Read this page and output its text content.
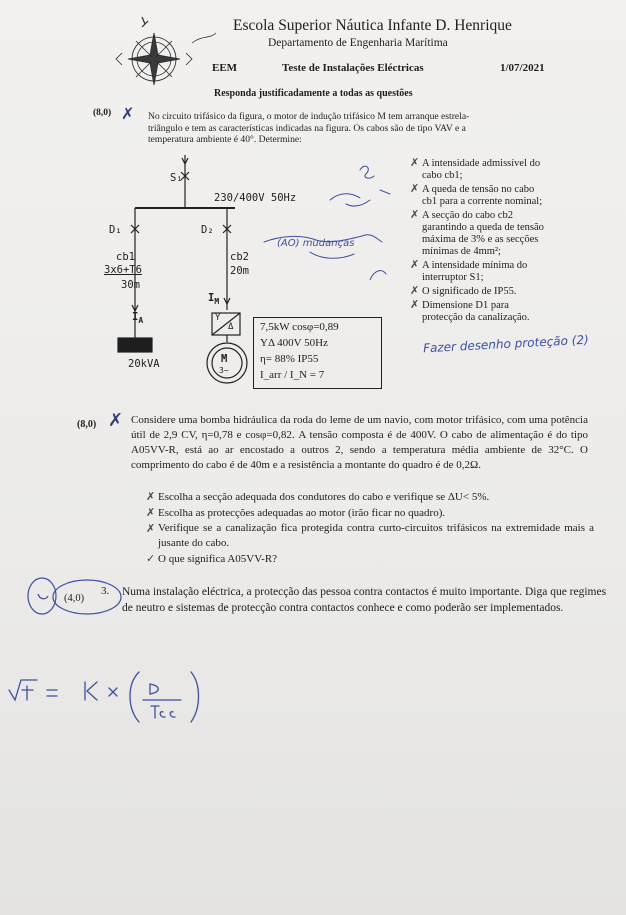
Escola Superior Náutica Infante D. Henrique
Departamento de Engenharia Marítima
EEM	Teste de Instalações Eléctricas	1/07/2021
Responda justificadamente a todas as questões
(8,0) ✗ No circuito trifásico da figura, o motor de indução trifásico M tem arranque estrela-
triângulo e tem as características indicadas na figura. Os cabos são de tipo VAV e a
temperatura ambiente é 40°. Determine:
✗ A intensidade admissível do
cabo cb1;
✗ A queda de tensão no cabo
cb1 para a corrente nominal;
✗ A secção do cabo cb2
garantindo a queda de tensão
máxima de 3% e as secções
mínimas de 4mm²;
✗ A intensidade mínima do
interruptor S1;
✗ O significado de IP55.
✗ Dimensione D1 para
protecção da canalização.
S₁
230/400V 50Hz
D₁	D₂
cb1
3x6+T6
30m
cb2
20m
$I_A$
$I_M$
20kVA
Y
Δ
M
3~
7,5kW cosφ=0,89
YΔ 400V 50Hz
η= 88% IP55
I_arr / I_N = 7
(AO) mudanças
Fazer desenho proteção (2)
(8,0) ✗ Considere uma bomba hidráulica da roda do leme de um navio, com motor trifásico, com uma potência útil de 2,9 CV, η=0,78 e cosφ=0,82. A tensão composta é de 400V. O cabo de alimentação é do tipo A05VV-R, está ao ar encostado a outros 2, sendo a temperatura média ambiente de 32°C. O comprimento do cabo é de 40m e a resistência a montante do quadro é de 0,2Ω.
✗ Escolha a secção adequada dos condutores do cabo e verifique se ΔU< 5%.
✗ Escolha as protecções adequadas ao motor (irão ficar no quadro).
✗ Verifique se a canalização fica protegida contra curto-circuitos trifásicos na extremidade mais a jusante do cabo.
✓ O que significa A05VV-R?
(4,0)
3. Numa instalação eléctrica, a protecção das pessoa contra contactos é muito importante. Diga que regimes de neutro e sistemas de protecção contra contactos conhece e como poderão ser implementados.
